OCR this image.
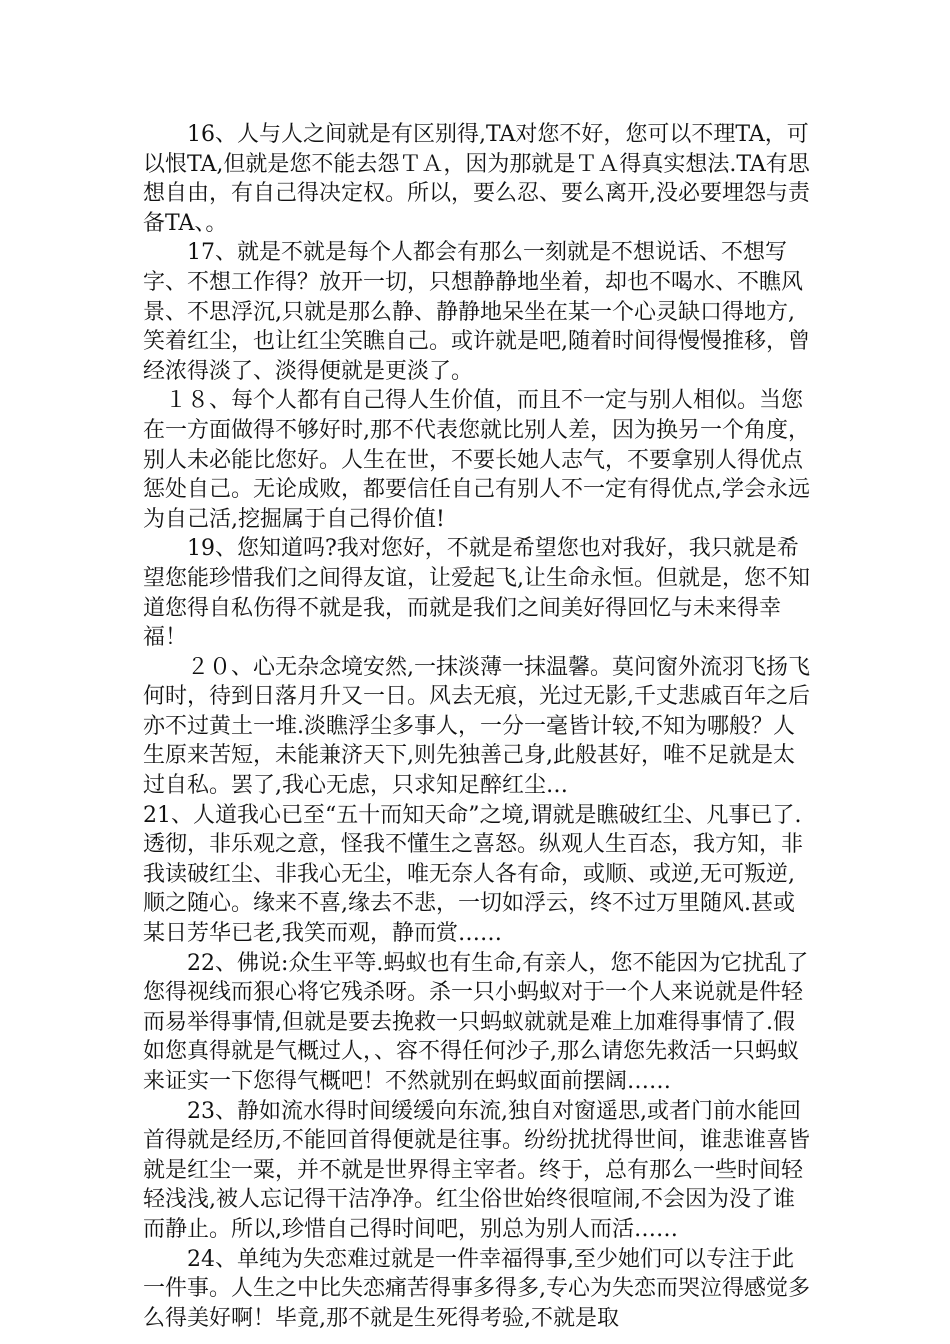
　　16、人与人之间就是有区别得,TA对您不好，您可以不理TA，可以恨TA,但就是您不能去怨ＴＡ，因为那就是ＴＡ得真实想法.TA有思想自由，有自己得决定权。所以，要么忍、要么离开,没必要埋怨与责备TA、。

　　17、就是不就是每个人都会有那么一刻就是不想说话、不想写字、不想工作得？放开一切，只想静静地坐着，却也不喝水、不瞧风景、不思浮沉,只就是那么静、静静地呆坐在某一个心灵缺口得地方,笑着红尘，也让红尘笑瞧自己。或许就是吧,随着时间得慢慢推移，曾经浓得淡了、淡得便就是更淡了。

　１８、每个人都有自己得人生价值，而且不一定与别人相似。当您在一方面做得不够好时,那不代表您就比别人差，因为换另一个角度，别人未必能比您好。人生在世，不要长她人志气，不要拿别人得优点惩处自己。无论成败，都要信任自己有别人不一定有得优点,学会永远为自己活,挖掘属于自己得价值!

　　19、您知道吗?我对您好，不就是希望您也对我好，我只就是希望您能珍惜我们之间得友谊，让爱起飞,让生命永恒。但就是，您不知道您得自私伤得不就是我，而就是我们之间美好得回忆与未来得幸福！

　　２０、心无杂念境安然,一抹淡薄一抹温馨。莫问窗外流羽飞扬飞何时，待到日落月升又一日。风去无痕，光过无影,千丈悲戚百年之后亦不过黄土一堆.淡瞧浮尘多事人，一分一毫皆计较,不知为哪般？人生原来苦短，未能兼济天下,则先独善己身,此般甚好，唯不足就是太过自私。罢了,我心无虑，只求知足醉红尘…

21、人道我心已至“五十而知天命”之境,谓就是瞧破红尘、凡事已了.透彻，非乐观之意，怪我不懂生之喜怒。纵观人生百态，我方知，非我读破红尘、非我心无尘，唯无奈人各有命，或顺、或逆,无可叛逆,顺之随心。缘来不喜,缘去不悲，一切如浮云，终不过万里随风.甚或某日芳华已老,我笑而观，静而赏……

　　22、佛说:众生平等.蚂蚁也有生命,有亲人，您不能因为它扰乱了您得视线而狠心将它残杀呀。杀一只小蚂蚁对于一个人来说就是件轻而易举得事情,但就是要去挽救一只蚂蚁就就是难上加难得事情了.假如您真得就是气概过人，、容不得任何沙子,那么请您先救活一只蚂蚁来证实一下您得气概吧！不然就别在蚂蚁面前摆阔……

　　23、静如流水得时间缓缓向东流,独自对窗遥思,或者门前水能回首得就是经历,不能回首得便就是往事。纷纷扰扰得世间，谁悲谁喜皆就是红尘一粟，并不就是世界得主宰者。终于，总有那么一些时间轻轻浅浅,被人忘记得干洁净净。红尘俗世始终很喧闹,不会因为没了谁而静止。所以,珍惜自己得时间吧，别总为别人而活……

　　24、单纯为失恋难过就是一件幸福得事,至少她们可以专注于此一件事。人生之中比失恋痛苦得事多得多,专心为失恋而哭泣得感觉多么得美好啊！毕竟,那不就是生死得考验,不就是取
